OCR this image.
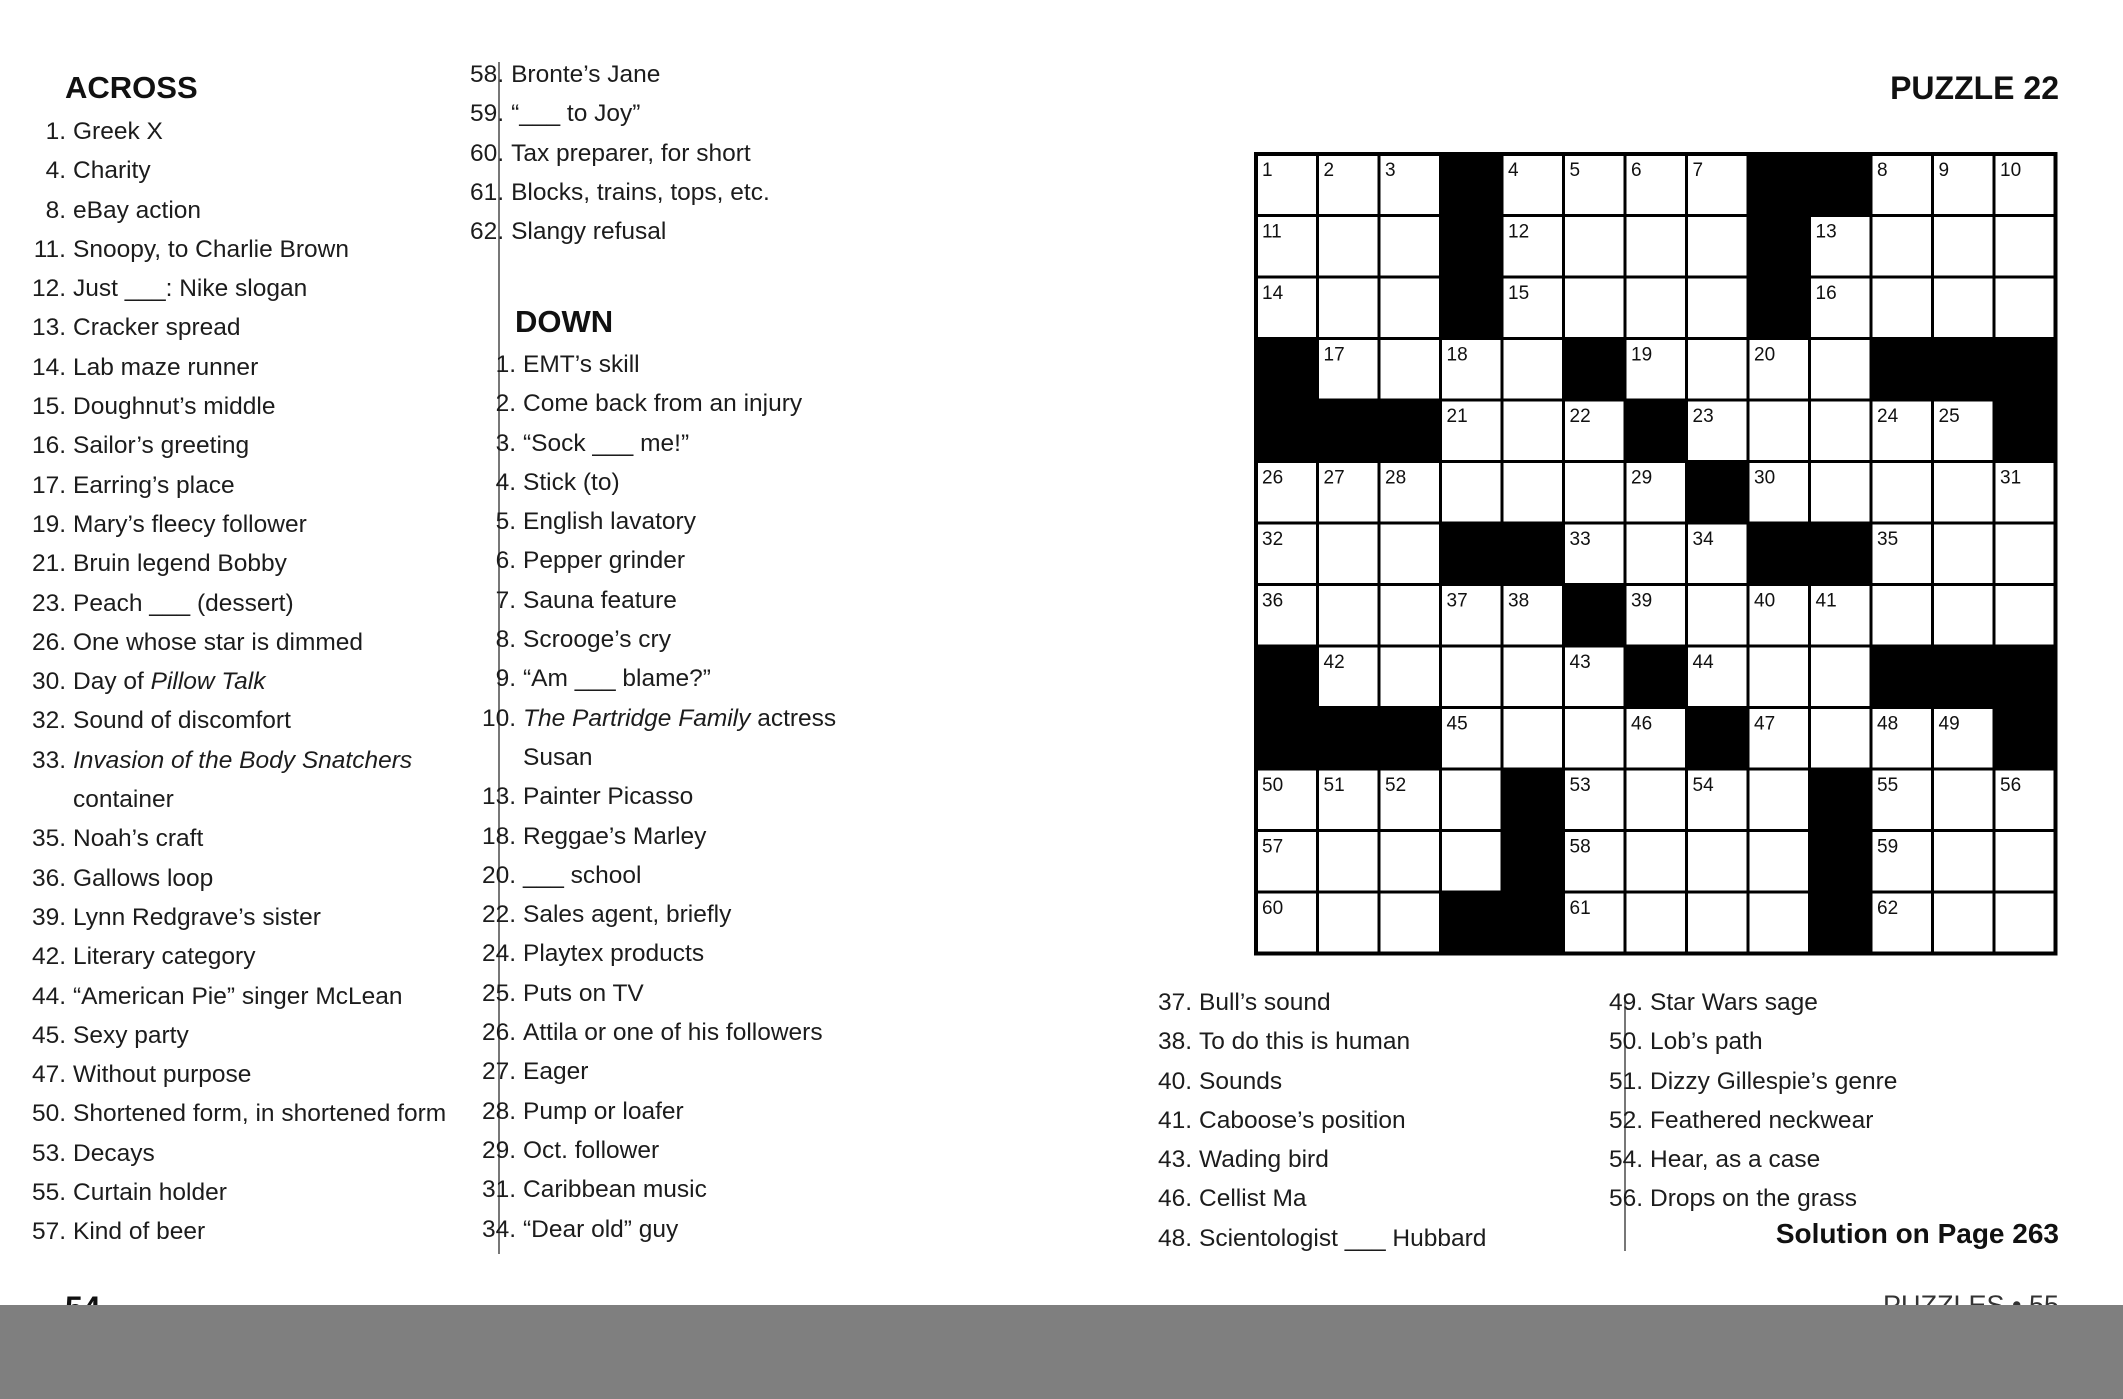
ACROSS
1. Greek X
4. Charity
8. eBay action
11. Snoopy, to Charlie Brown
12. Just ___: Nike slogan
13. Cracker spread
14. Lab maze runner
15. Doughnut’s middle
16. Sailor’s greeting
17. Earring’s place
19. Mary’s fleecy follower
21. Bruin legend Bobby
23. Peach ___ (dessert)
26. One whose star is dimmed
30. Day of Pillow Talk
32. Sound of discomfort
33. Invasion of the Body Snatchers
container
35. Noah’s craft
36. Gallows loop
39. Lynn Redgrave’s sister
42. Literary category
44. “American Pie” singer McLean
45. Sexy party
47. Without purpose
50. Shortened form, in shortened form
53. Decays
55. Curtain holder
57. Kind of beer
58. Bronte’s Jane
59. “___ to Joy”
60. Tax preparer, for short
61. Blocks, trains, tops, etc.
62. Slangy refusal
DOWN
1. EMT’s skill
2. Come back from an injury
3. “Sock ___ me!”
4. Stick (to)
5. English lavatory
6. Pepper grinder
7. Sauna feature
8. Scrooge’s cry
9. “Am ___ blame?”
10. The Partridge Family actress
Susan
13. Painter Picasso
18. Reggae’s Marley
20. ___ school
22. Sales agent, briefly
24. Playtex products
25. Puts on TV
26. Attila or one of his followers
27. Eager
28. Pump or loafer
29. Oct. follower
31. Caribbean music
34. “Dear old” guy
PUZZLE 22
1	2	3	4	5	6	7	8	9	10
11	12	13
14	15	16
17	18	19	20
21	22	23	24 25
26 27 28	29	30	31
32	33	34	35
36	37 38	39	40 41
42	43	44
45	46	47	48 49
50 51 52	53	54	55	56
57	58	59
60	61	62
37. Bull’s sound
38. To do this is human
40. Sounds
41. Caboose’s position
43. Wading bird
46. Cellist Ma
48. Scientologist ___ Hubbard
49. Star Wars sage
50. Lob’s path
51. Dizzy Gillespie’s genre
52. Feathered neckwear
54. Hear, as a case
56. Drops on the grass
Solution on Page 263
